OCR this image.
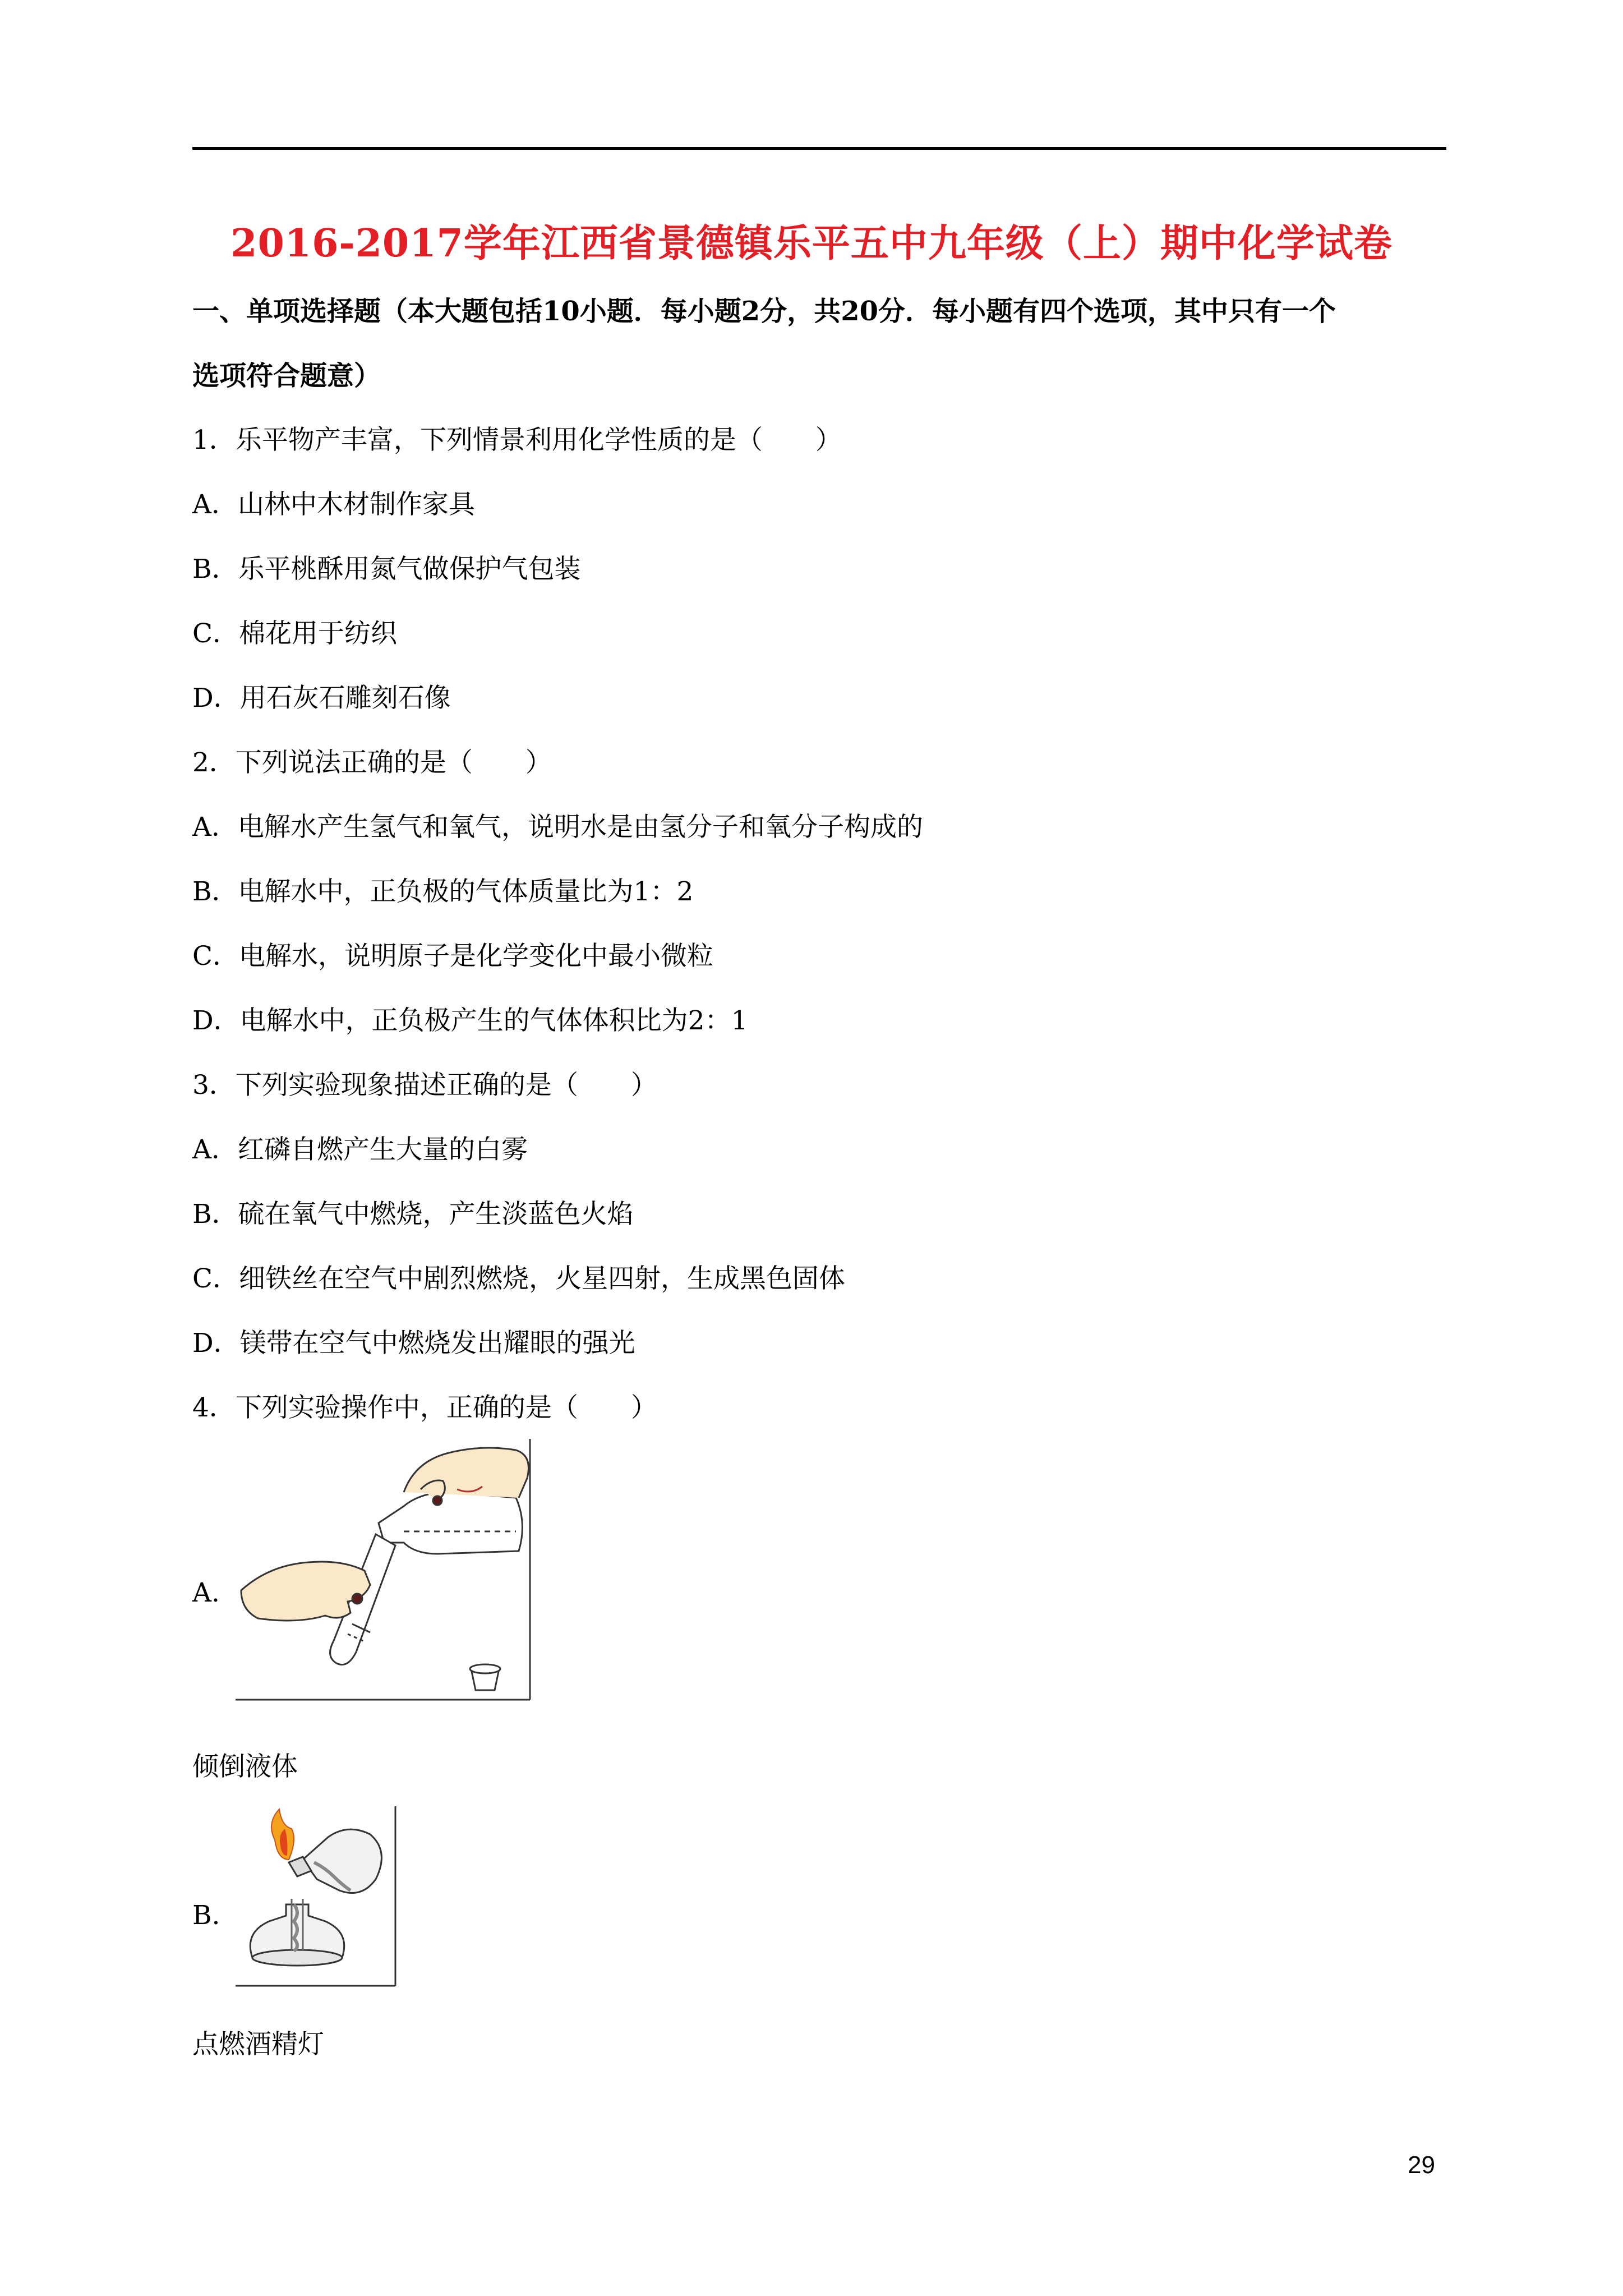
2016-2017学年江西省景德镇乐平五中九年级（上）期中化学试卷
一、单项选择题（本大题包括10小题．每小题2分，共20分．每小题有四个选项，其中只有一个
选项符合题意）
1．乐平物产丰富，下列情景利用化学性质的是（　　）
A．山林中木材制作家具
B．乐平桃酥用氮气做保护气包装
C．棉花用于纺织
D．用石灰石雕刻石像
2．下列说法正确的是（　　）
A．电解水产生氢气和氧气，说明水是由氢分子和氧分子构成的
B．电解水中，正负极的气体质量比为1：2
C．电解水，说明原子是化学变化中最小微粒
D．电解水中，正负极产生的气体体积比为2：1
3．下列实验现象描述正确的是（　　）
A．红磷自燃产生大量的白雾
B．硫在氧气中燃烧，产生淡蓝色火焰
C．细铁丝在空气中剧烈燃烧，火星四射，生成黑色固体
D．镁带在空气中燃烧发出耀眼的强光
4．下列实验操作中，正确的是（　　）
A.
倾倒液体
B.
点燃酒精灯
29
